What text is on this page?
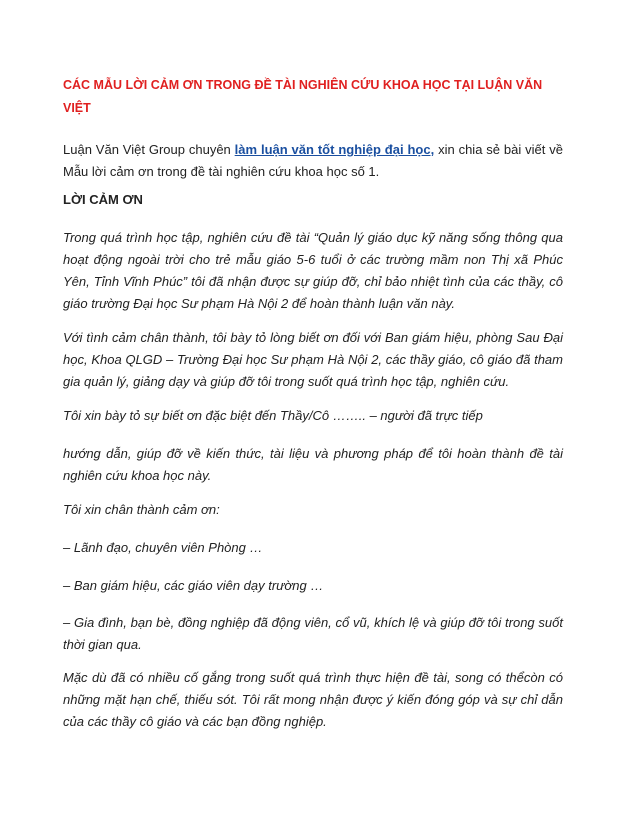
CÁC MẪU LỜI CẢM ƠN TRONG ĐỀ TÀI NGHIÊN CỨU KHOA HỌC TẠI LUẬN VĂN VIỆT

Luận Văn Việt Group chuyên làm luận văn tốt nghiệp đại học, xin chia sẻ bài viết về Mẫu lời cảm ơn trong đề tài nghiên cứu khoa học số 1.

LỜI CẢM ƠN

Trong quá trình học tập, nghiên cứu đề tài “Quản lý giáo dục kỹ năng sống thông qua hoạt động ngoài trời cho trẻ mẫu giáo 5-6 tuổi ở các trường mầm non Thị xã Phúc Yên, Tỉnh Vĩnh Phúc” tôi đã nhận được sự giúp đỡ, chỉ bảo nhiệt tình của các thầy, cô giáo trường Đại học Sư phạm Hà Nội 2 để hoàn thành luận văn này.

Với tình cảm chân thành, tôi bày tỏ lòng biết ơn đối với Ban giám hiệu, phòng Sau Đại học, Khoa QLGD – Trường Đại học Sư phạm Hà Nội 2, các thầy giáo, cô giáo đã tham gia quản lý, giảng dạy và giúp đỡ tôi trong suốt quá trình học tập, nghiên cứu.

Tôi xin bày tỏ sự biết ơn đặc biệt đến Thầy/Cô …….. – người đã trực tiếp

hướng dẫn, giúp đỡ về kiến thức, tài liệu và phương pháp để tôi hoàn thành đề tài nghiên cứu khoa học này.

Tôi xin chân thành cảm ơn:

– Lãnh đạo, chuyên viên Phòng …

– Ban giám hiệu, các giáo viên dạy trường …

– Gia đình, bạn bè, đồng nghiệp đã động viên, cổ vũ, khích lệ và giúp đỡ tôi trong suốt thời gian qua.

Mặc dù đã có nhiều cố gắng trong suốt quá trình thực hiện đề tài, song có thểcòn có những mặt hạn chế, thiếu sót. Tôi rất mong nhận được ý kiến đóng góp và sự chỉ dẫn của các thầy cô giáo và các bạn đồng nghiệp.
